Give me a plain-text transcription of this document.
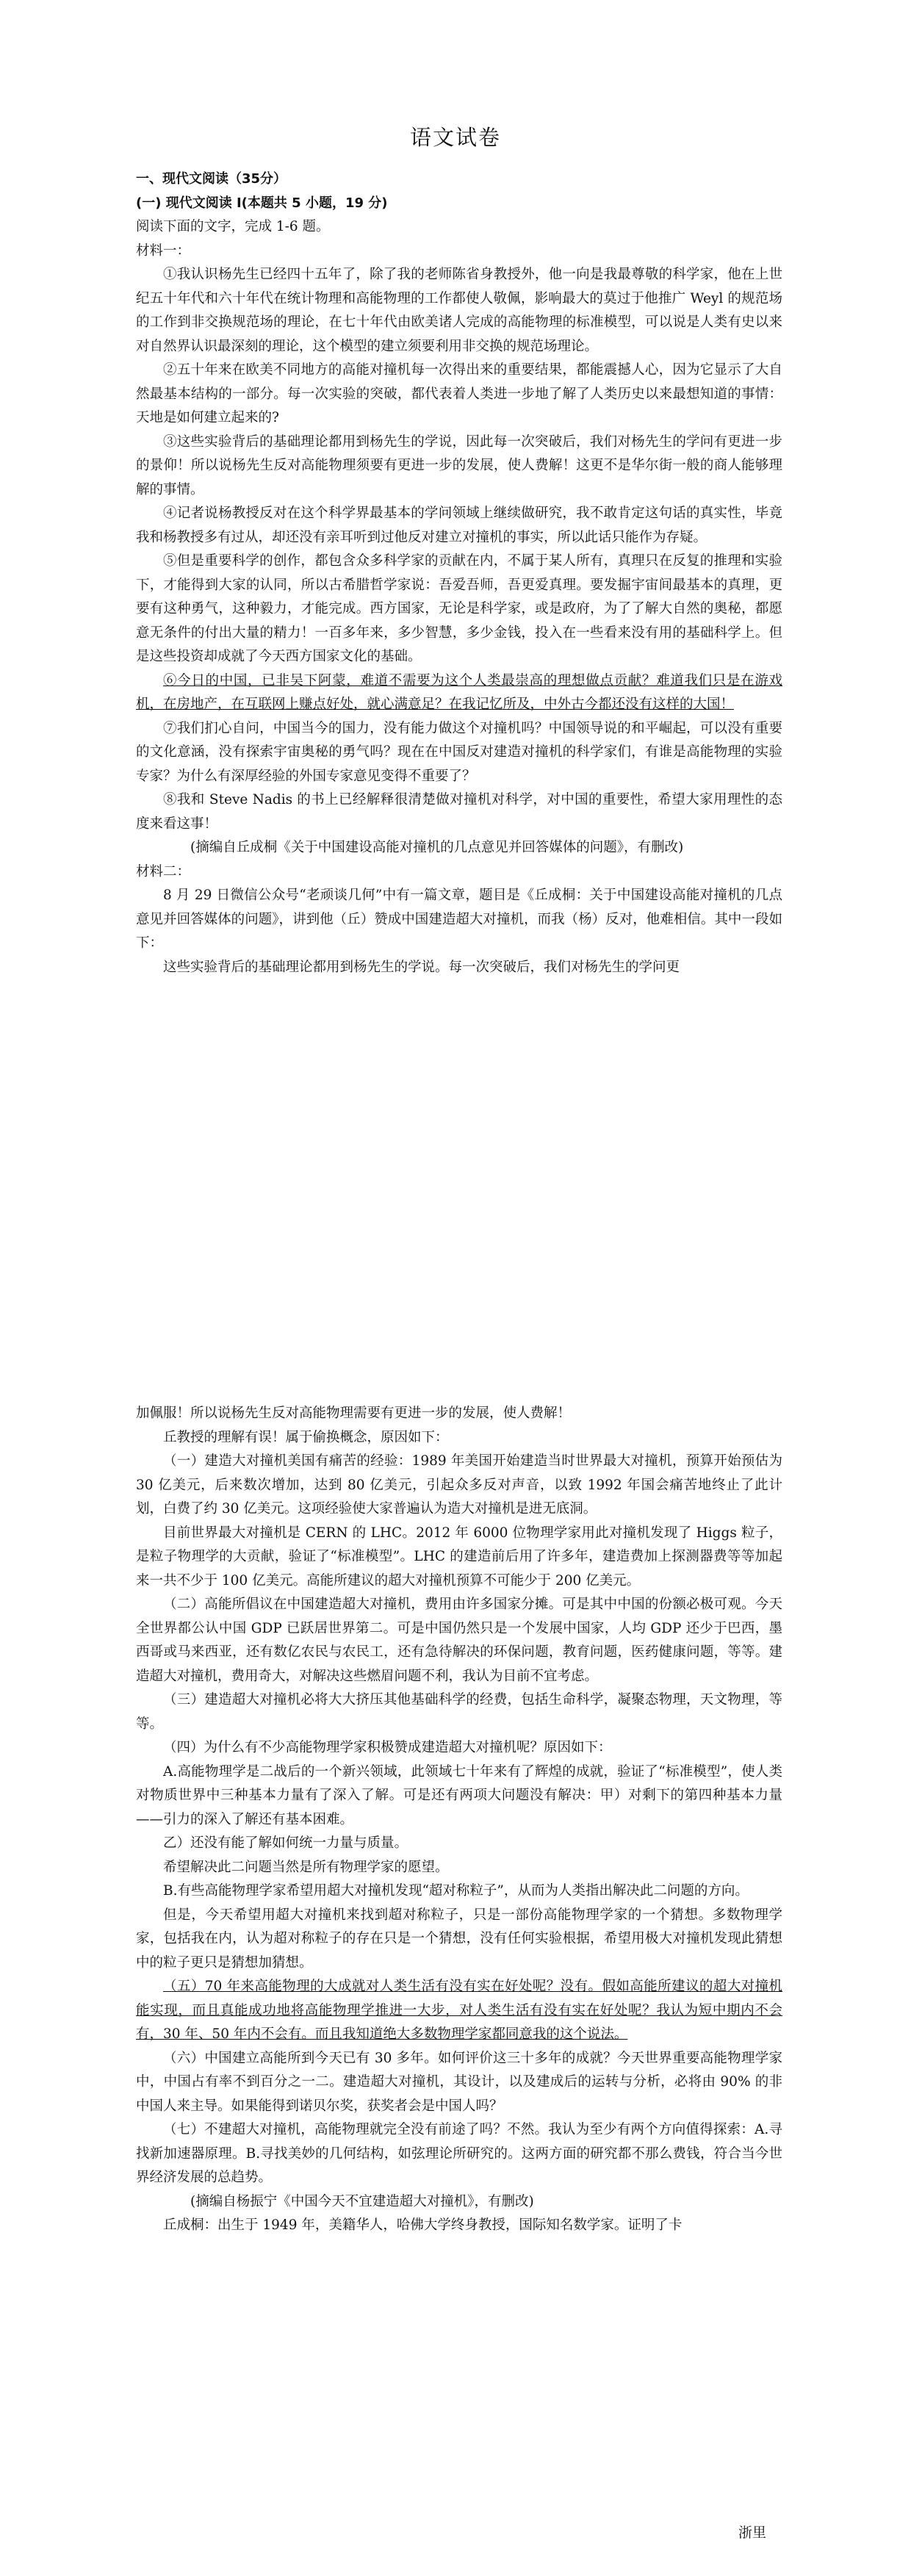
语文试卷

一、现代文阅读（35分）

(一) 现代文阅读 I(本题共 5 小题，19 分)

阅读下面的文字，完成 1-6 题。

材料一：

①我认识杨先生已经四十五年了，除了我的老师陈省身教授外，他一向是我最尊敬的科学家，他在上世纪五十年代和六十年代在统计物理和高能物理的工作都使人敬佩，影响最大的莫过于他推广 Weyl 的规范场的工作到非交换规范场的理论，在七十年代由欧美诸人完成的高能物理的标准模型，可以说是人类有史以来对自然界认识最深刻的理论，这个模型的建立须要利用非交换的规范场理论。

②五十年来在欧美不同地方的高能对撞机每一次得出来的重要结果，都能震撼人心，因为它显示了大自然最基本结构的一部分。每一次实验的突破，都代表着人类进一步地了解了人类历史以来最想知道的事情：天地是如何建立起来的?

③这些实验背后的基础理论都用到杨先生的学说，因此每一次突破后，我们对杨先生的学问有更进一步的景仰！所以说杨先生反对高能物理须要有更进一步的发展，使人费解！这更不是华尔街一般的商人能够理解的事情。

④记者说杨教授反对在这个科学界最基本的学问领域上继续做研究，我不敢肯定这句话的真实性，毕竟我和杨教授多有过从，却还没有亲耳听到过他反对建立对撞机的事实，所以此话只能作为存疑。

⑤但是重要科学的创作，都包含众多科学家的贡献在内，不属于某人所有，真理只在反复的推理和实验下，才能得到大家的认同，所以古希腊哲学家说：吾爱吾师，吾更爱真理。要发掘宇宙间最基本的真理，更要有这种勇气，这种毅力，才能完成。西方国家，无论是科学家，或是政府，为了了解大自然的奥秘，都愿意无条件的付出大量的精力！一百多年来，多少智慧，多少金钱，投入在一些看来没有用的基础科学上。但是这些投资却成就了今天西方国家文化的基础。

⑥今日的中国，已非吴下阿蒙，难道不需要为这个人类最崇高的理想做点贡献？难道我们只是在游戏机，在房地产，在互联网上赚点好处，就心满意足？在我记忆所及，中外古今都还没有这样的大国！

⑦我们扪心自问，中国当今的国力，没有能力做这个对撞机吗？中国领导说的和平崛起，可以没有重要的文化意涵，没有探索宇宙奥秘的勇气吗？现在在中国反对建造对撞机的科学家们，有谁是高能物理的实验专家？为什么有深厚经验的外国专家意见变得不重要了？

⑧我和 Steve Nadis 的书上已经解释很清楚做对撞机对科学，对中国的重要性，希望大家用理性的态度来看这事！

(摘编自丘成桐《关于中国建设高能对撞机的几点意见并回答媒体的问题》，有删改)

材料二：

8 月 29 日微信公众号“老顽谈几何”中有一篇文章，题目是《丘成桐：关于中国建设高能对撞机的几点意见并回答媒体的问题》，讲到他（丘）赞成中国建造超大对撞机，而我（杨）反对，他难相信。其中一段如下：

这些实验背后的基础理论都用到杨先生的学说。每一次突破后，我们对杨先生的学问更

加佩服！所以说杨先生反对高能物理需要有更进一步的发展，使人费解！

丘教授的理解有误！属于偷换概念，原因如下：

（一）建造大对撞机美国有痛苦的经验：1989 年美国开始建造当时世界最大对撞机，预算开始预估为 30 亿美元，后来数次增加，达到 80 亿美元，引起众多反对声音，以致 1992 年国会痛苦地终止了此计划，白费了约 30 亿美元。这项经验使大家普遍认为造大对撞机是进无底洞。

目前世界最大对撞机是 CERN 的 LHC。2012 年 6000 位物理学家用此对撞机发现了 Higgs 粒子，是粒子物理学的大贡献，验证了“标准模型”。LHC 的建造前后用了许多年，建造费加上探测器费等等加起来一共不少于 100 亿美元。高能所建议的超大对撞机预算不可能少于 200 亿美元。

（二）高能所倡议在中国建造超大对撞机，费用由许多国家分摊。可是其中中国的份额必极可观。今天全世界都公认中国 GDP 已跃居世界第二。可是中国仍然只是一个发展中国家，人均 GDP 还少于巴西，墨西哥或马来西亚，还有数亿农民与农民工，还有急待解决的环保问题，教育问题，医药健康问题，等等。建造超大对撞机，费用奇大，对解决这些燃眉问题不利，我认为目前不宜考虑。

（三）建造超大对撞机必将大大挤压其他基础科学的经费，包括生命科学，凝聚态物理，天文物理，等等。

（四）为什么有不少高能物理学家积极赞成建造超大对撞机呢？原因如下：

A.高能物理学是二战后的一个新兴领域，此领域七十年来有了辉煌的成就，验证了“标准模型”，使人类对物质世界中三种基本力量有了深入了解。可是还有两项大问题没有解决：甲）对剩下的第四种基本力量——引力的深入了解还有基本困难。

乙）还没有能了解如何统一力量与质量。

希望解决此二问题当然是所有物理学家的愿望。

B.有些高能物理学家希望用超大对撞机发现“超对称粒子”，从而为人类指出解决此二问题的方向。

但是，今天希望用超大对撞机来找到超对称粒子，只是一部份高能物理学家的一个猜想。多数物理学家，包括我在内，认为超对称粒子的存在只是一个猜想，没有任何实验根据，希望用极大对撞机发现此猜想中的粒子更只是猜想加猜想。

（五）70 年来高能物理的大成就对人类生活有没有实在好处呢？没有。假如高能所建议的超大对撞机能实现，而且真能成功地将高能物理学推进一大步，对人类生活有没有实在好处呢？我认为短中期内不会有，30 年、50 年内不会有。而且我知道绝大多数物理学家都同意我的这个说法。

（六）中国建立高能所到今天已有 30 多年。如何评价这三十多年的成就？今天世界重要高能物理学家中，中国占有率不到百分之一二。建造超大对撞机，其设计，以及建成后的运转与分析，必将由 90% 的非中国人来主导。如果能得到诺贝尔奖，获奖者会是中国人吗？

（七）不建超大对撞机，高能物理就完全没有前途了吗？不然。我认为至少有两个方向值得探索：A.寻找新加速器原理。B.寻找美妙的几何结构，如弦理论所研究的。这两方面的研究都不那么费钱，符合当今世界经济发展的总趋势。

(摘编自杨振宁《中国今天不宜建造超大对撞机》，有删改)

丘成桐：出生于 1949 年，美籍华人，哈佛大学终身教授，国际知名数学家。证明了卡

浙里
